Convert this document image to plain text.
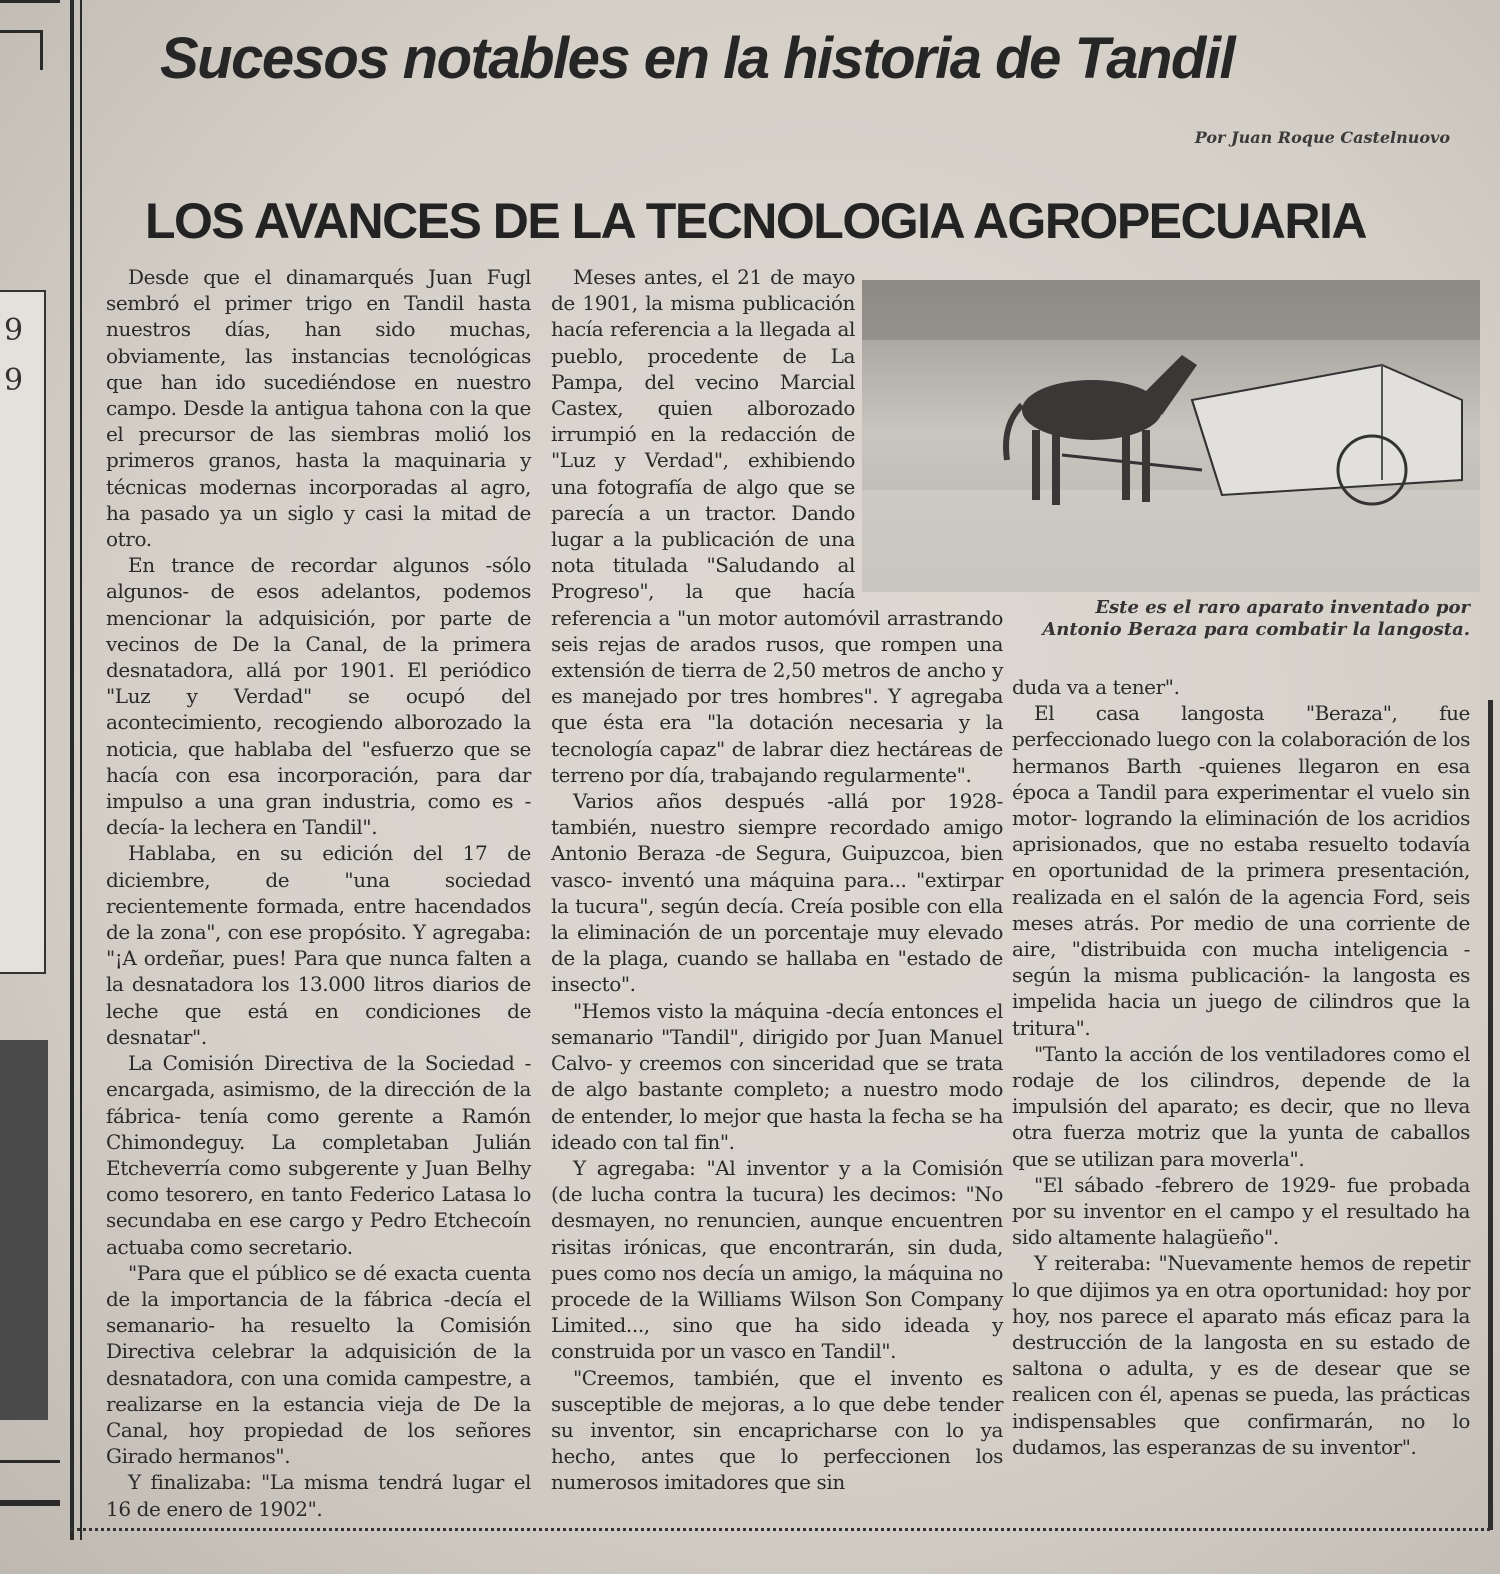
9
9
Sucesos notables en la historia de Tandil
Por Juan Roque Castelnuovo
LOS AVANCES DE LA TECNOLOGIA AGROPECUARIA

Desde que el dinamarqués Juan Fugl sembró el primer trigo en Tandil hasta nuestros días, han sido muchas, obviamente, las instancias tecnológicas que han ido sucediéndose en nuestro campo. Desde la antigua tahona con la que el precursor de las siembras molió los primeros granos, hasta la maquinaria y técnicas modernas incorporadas al agro, ha pasado ya un siglo y casi la mitad de otro.

En trance de recordar algunos -sólo algunos- de esos adelantos, podemos mencionar la adquisición, por parte de vecinos de De la Canal, de la primera desnatadora, allá por 1901. El periódico "Luz y Verdad" se ocupó del acontecimiento, recogiendo alborozado la noticia, que hablaba del "esfuerzo que se hacía con esa incorporación, para dar impulso a una gran industria, como es -decía- la lechera en Tandil".

Hablaba, en su edición del 17 de diciembre, de "una sociedad recientemente formada, entre hacendados de la zona", con ese propósito. Y agregaba: "¡A ordeñar, pues! Para que nunca falten a la desnatadora los 13.000 litros diarios de leche que está en condiciones de desnatar".

La Comisión Directiva de la Sociedad -encargada, asimismo, de la dirección de la fábrica- tenía como gerente a Ramón Chimondeguy. La completaban Julián Etcheverría como subgerente y Juan Belhy como tesorero, en tanto Federico Latasa lo secundaba en ese cargo y Pedro Etchecoín actuaba como secretario.

"Para que el público se dé exacta cuenta de la importancia de la fábrica -decía el semanario- ha resuelto la Comisión Directiva celebrar la adquisición de la desnatadora, con una comida campestre, a realizarse en la estancia vieja de De la Canal, hoy propiedad de los señores Girado hermanos".

Y finalizaba: "La misma tendrá lugar el 16 de enero de 1902".

Meses antes, el 21 de mayo de 1901, la misma publicación hacía referencia a la llegada al pueblo, procedente de La Pampa, del vecino Marcial Castex, quien alborozado irrumpió en la redacción de "Luz y Verdad", exhibiendo una fotografía de algo que se parecía a un tractor. Dando lugar a la publicación de una nota titulada "Saludando al Progreso", la que hacía referencia a "un motor automóvil arrastrando seis rejas de arados rusos, que rompen una extensión de tierra de 2,50 metros de ancho y es manejado por tres hombres". Y agregaba que ésta era "la dotación necesaria y la tecnología capaz" de labrar diez hectáreas de terreno por día, trabajando regularmente".

Varios años después -allá por 1928- también, nuestro siempre recordado amigo Antonio Beraza -de Segura, Guipuzcoa, bien vasco- inventó una máquina para... "extirpar la tucura", según decía. Creía posible con ella la eliminación de un porcentaje muy elevado de la plaga, cuando se hallaba en "estado de insecto".

"Hemos visto la máquina -decía entonces el semanario "Tandil", dirigido por Juan Manuel Calvo- y creemos con sinceridad que se trata de algo bastante completo; a nuestro modo de entender, lo mejor que hasta la fecha se ha ideado con tal fin".

Y agregaba: "Al inventor y a la Comisión (de lucha contra la tucura) les decimos: "No desmayen, no renuncien, aunque encuentren risitas irónicas, que encontrarán, sin duda, pues como nos decía un amigo, la máquina no procede de la Williams Wilson Son Company Limited..., sino que ha sido ideada y construida por un vasco en Tandil".

"Creemos, también, que el invento es susceptible de mejoras, a lo que debe tender su inventor, sin encapricharse con lo ya hecho, antes que lo perfeccionen los numerosos imitadores que sin

Este es el raro aparato inventado por Antonio Beraza para combatir la langosta.

duda va a tener".

El casa langosta "Beraza", fue perfeccionado luego con la colaboración de los hermanos Barth -quienes llegaron en esa época a Tandil para experimentar el vuelo sin motor- logrando la eliminación de los acridios aprisionados, que no estaba resuelto todavía en oportunidad de la primera presentación, realizada en el salón de la agencia Ford, seis meses atrás. Por medio de una corriente de aire, "distribuida con mucha inteligencia -según la misma publicación- la langosta es impelida hacia un juego de cilindros que la tritura".

"Tanto la acción de los ventiladores como el rodaje de los cilindros, depende de la impulsión del aparato; es decir, que no lleva otra fuerza motriz que la yunta de caballos que se utilizan para moverla".

"El sábado -febrero de 1929- fue probada por su inventor en el campo y el resultado ha sido altamente halagüeño".

Y reiteraba: "Nuevamente hemos de repetir lo que dijimos ya en otra oportunidad: hoy por hoy, nos parece el aparato más eficaz para la destrucción de la langosta en su estado de saltona o adulta, y es de desear que se realicen con él, apenas se pueda, las prácticas indispensables que confirmarán, no lo dudamos, las esperanzas de su inventor".
